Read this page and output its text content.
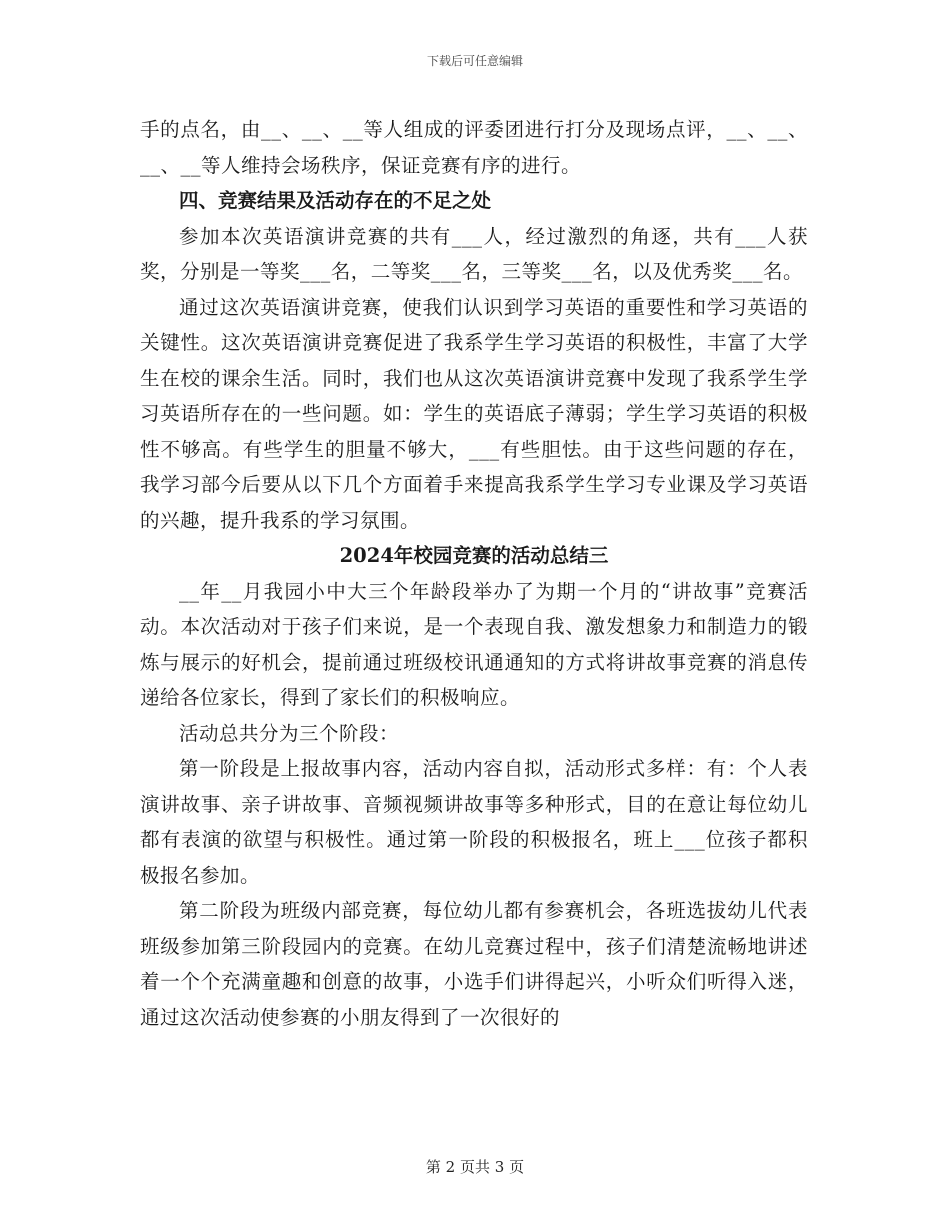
下载后可任意编辑

手的点名，由__、__、__等人组成的评委团进行打分及现场点评，__、__、__、__等人维持会场秩序，保证竞赛有序的进行。

四、竞赛结果及活动存在的不足之处

参加本次英语演讲竞赛的共有___人，经过激烈的角逐，共有___人获奖，分别是一等奖___名，二等奖___名，三等奖___名，以及优秀奖___名。

通过这次英语演讲竞赛，使我们认识到学习英语的重要性和学习英语的关键性。这次英语演讲竞赛促进了我系学生学习英语的积极性，丰富了大学生在校的课余生活。同时，我们也从这次英语演讲竞赛中发现了我系学生学习英语所存在的一些问题。如：学生的英语底子薄弱；学生学习英语的积极性不够高。有些学生的胆量不够大，___有些胆怯。由于这些问题的存在，我学习部今后要从以下几个方面着手来提高我系学生学习专业课及学习英语的兴趣，提升我系的学习氛围。

2024年校园竞赛的活动总结三

__年__月我园小中大三个年龄段举办了为期一个月的“讲故事”竞赛活动。本次活动对于孩子们来说，是一个表现自我、激发想象力和制造力的锻炼与展示的好机会，提前通过班级校讯通通知的方式将讲故事竞赛的消息传递给各位家长，得到了家长们的积极响应。

活动总共分为三个阶段：

第一阶段是上报故事内容，活动内容自拟，活动形式多样：有：个人表演讲故事、亲子讲故事、音频视频讲故事等多种形式，目的在意让每位幼儿都有表演的欲望与积极性。通过第一阶段的积极报名，班上___位孩子都积极报名参加。

第二阶段为班级内部竞赛，每位幼儿都有参赛机会，各班选拔幼儿代表班级参加第三阶段园内的竞赛。在幼儿竞赛过程中，孩子们清楚流畅地讲述着一个个充满童趣和创意的故事，小选手们讲得起兴，小听众们听得入迷，通过这次活动使参赛的小朋友得到了一次很好的

第 2 页共 3 页
